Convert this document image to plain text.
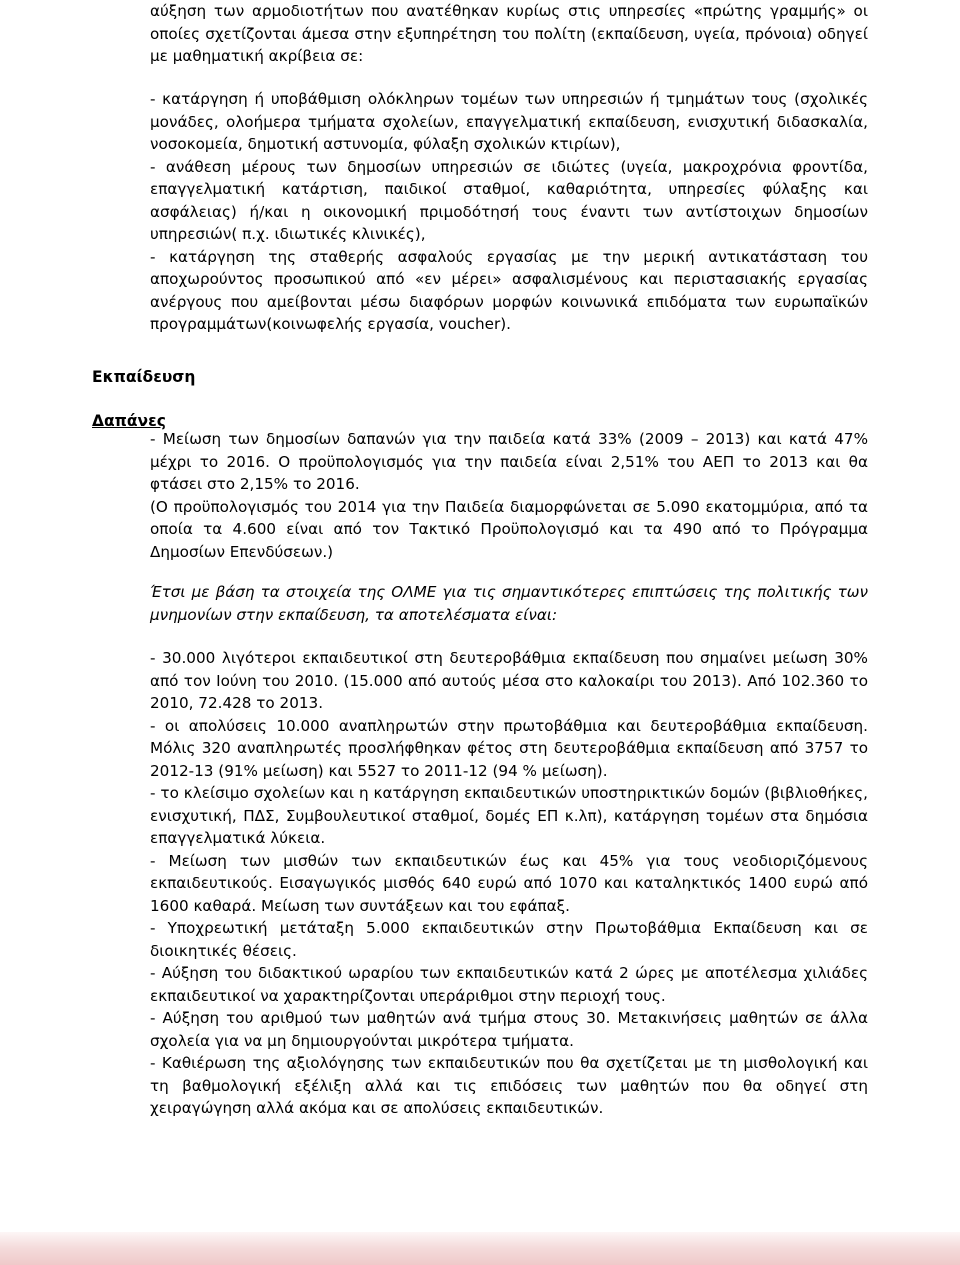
αύξηση των αρμοδιοτήτων που ανατέθηκαν κυρίως στις υπηρεσίες «πρώτης γραμμής» οι οποίες σχετίζονται άμεσα στην εξυπηρέτηση του πολίτη (εκπαίδευση, υγεία, πρόνοια) οδηγεί με μαθηματική ακρίβεια σε:

- κατάργηση ή υποβάθμιση ολόκληρων τομέων των υπηρεσιών ή τμημάτων τους (σχολικές μονάδες, ολοήμερα τμήματα σχολείων, επαγγελματική εκπαίδευση, ενισχυτική διδασκαλία, νοσοκομεία, δημοτική αστυνομία, φύλαξη σχολικών κτιρίων),

- ανάθεση μέρους των δημοσίων υπηρεσιών σε ιδιώτες (υγεία, μακροχρόνια φροντίδα, επαγγελματική κατάρτιση, παιδικοί σταθμοί, καθαριότητα, υπηρεσίες φύλαξης και ασφάλειας) ή/και η οικονομική πριμοδότησή τους έναντι των αντίστοιχων δημοσίων υπηρεσιών( π.χ. ιδιωτικές κλινικές),

- κατάργηση της σταθερής ασφαλούς εργασίας με την μερική αντικατάσταση του αποχωρούντος προσωπικού από «εν μέρει» ασφαλισμένους και περιστασιακής εργασίας ανέργους που αμείβονται μέσω διαφόρων μορφών κοινωνικά επιδόματα των ευρωπαϊκών προγραμμάτων(κοινωφελής εργασία, voucher).

Εκπαίδευση
Δαπάνες

- Μείωση των δημοσίων δαπανών για την παιδεία κατά 33% (2009 – 2013) και κατά 47% μέχρι το 2016. Ο προϋπολογισμός για την παιδεία είναι 2,51% του ΑΕΠ το 2013 και θα φτάσει στο 2,15% το 2016.

(Ο προϋπολογισμός του 2014 για την Παιδεία διαμορφώνεται σε 5.090 εκατομμύρια, από τα οποία τα 4.600 είναι από τον Τακτικό Προϋπολογισμό και τα 490 από το Πρόγραμμα Δημοσίων Επενδύσεων.)

Έτσι με βάση τα στοιχεία της ΟΛΜΕ για τις σημαντικότερες επιπτώσεις της πολιτικής των μνημονίων στην εκπαίδευση, τα αποτελέσματα είναι:

- 30.000 λιγότεροι εκπαιδευτικοί στη δευτεροβάθμια εκπαίδευση που σημαίνει μείωση 30% από τον Ιούνη του 2010. (15.000 από αυτούς μέσα στο καλοκαίρι του 2013). Από 102.360 το 2010, 72.428 το 2013.

- οι απολύσεις 10.000 αναπληρωτών στην πρωτοβάθμια και δευτεροβάθμια εκπαίδευση. Μόλις 320 αναπληρωτές προσλήφθηκαν φέτος στη δευτεροβάθμια εκπαίδευση από 3757 το 2012-13 (91% μείωση) και 5527 το 2011-12 (94 % μείωση).

- το κλείσιμο σχολείων και η κατάργηση εκπαιδευτικών υποστηρικτικών δομών (βιβλιοθήκες, ενισχυτική, ΠΔΣ, Συμβουλευτικοί σταθμοί, δομές ΕΠ κ.λπ), κατάργηση τομέων στα δημόσια επαγγελματικά λύκεια.

- Μείωση των μισθών των εκπαιδευτικών έως και 45% για τους νεοδιοριζόμενους εκπαιδευτικούς. Εισαγωγικός μισθός 640 ευρώ από 1070 και καταληκτικός 1400 ευρώ από 1600 καθαρά. Μείωση των συντάξεων και του εφάπαξ.

- Υποχρεωτική μετάταξη 5.000 εκπαιδευτικών στην Πρωτοβάθμια Εκπαίδευση και σε διοικητικές θέσεις.

- Αύξηση του διδακτικού ωραρίου των εκπαιδευτικών κατά 2 ώρες με αποτέλεσμα χιλιάδες εκπαιδευτικοί να χαρακτηρίζονται υπεράριθμοι στην περιοχή τους.

- Αύξηση του αριθμού των μαθητών ανά τμήμα στους 30. Μετακινήσεις μαθητών σε άλλα σχολεία για να μη δημιουργούνται μικρότερα τμήματα.

- Καθιέρωση της αξιολόγησης των εκπαιδευτικών που θα σχετίζεται με τη μισθολογική και τη βαθμολογική εξέλιξη αλλά και τις επιδόσεις των μαθητών που θα οδηγεί στη χειραγώγηση αλλά ακόμα και σε απολύσεις εκπαιδευτικών.
